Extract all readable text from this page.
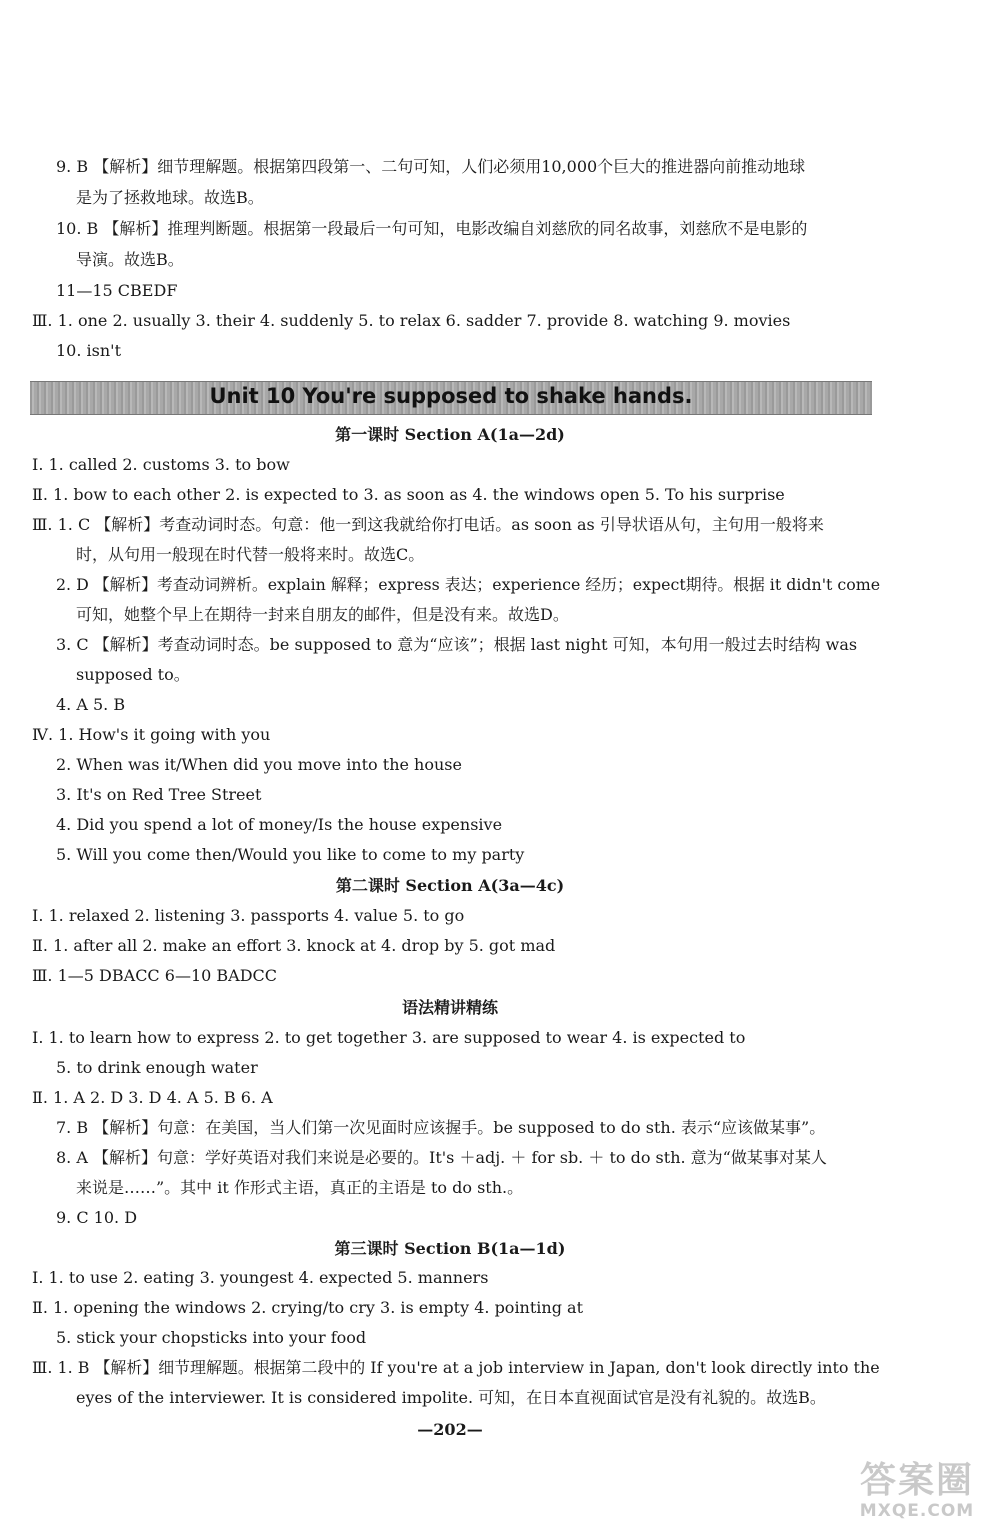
9. B 【解析】细节理解题。根据第四段第一、二句可知，人们必须用10,000个巨大的推进器向前推动地球
是为了拯救地球。故选B。
10. B 【解析】推理判断题。根据第一段最后一句可知，电影改编自刘慈欣的同名故事，刘慈欣不是电影的
导演。故选B。
11—15 CBEDF
Ⅲ. 1. one 2. usually 3. their 4. suddenly 5. to relax 6. sadder 7. provide 8. watching 9. movies
10. isn't
Unit 10 You're supposed to shake hands.
第一课时 Section A(1a—2d)
Ⅰ. 1. called 2. customs 3. to bow
Ⅱ. 1. bow to each other 2. is expected to 3. as soon as 4. the windows open 5. To his surprise
Ⅲ. 1. C 【解析】考查动词时态。句意：他一到这我就给你打电话。as soon as 引导状语从句，主句用一般将来
时，从句用一般现在时代替一般将来时。故选C。
2. D 【解析】考查动词辨析。explain 解释；express 表达；experience 经历；expect期待。根据 it didn't come
可知，她整个早上在期待一封来自朋友的邮件，但是没有来。故选D。
3. C 【解析】考查动词时态。be supposed to 意为“应该”；根据 last night 可知，本句用一般过去时结构 was
supposed to。
4. A 5. B
Ⅳ. 1. How's it going with you
2. When was it/When did you move into the house
3. It's on Red Tree Street
4. Did you spend a lot of money/Is the house expensive
5. Will you come then/Would you like to come to my party
第二课时 Section A(3a—4c)
Ⅰ. 1. relaxed 2. listening 3. passports 4. value 5. to go
Ⅱ. 1. after all 2. make an effort 3. knock at 4. drop by 5. got mad
Ⅲ. 1—5 DBACC 6—10 BADCC
语法精讲精练
Ⅰ. 1. to learn how to express 2. to get together 3. are supposed to wear 4. is expected to
5. to drink enough water
Ⅱ. 1. A 2. D 3. D 4. A 5. B 6. A
7. B 【解析】句意：在美国，当人们第一次见面时应该握手。be supposed to do sth. 表示“应该做某事”。
8. A 【解析】句意：学好英语对我们来说是必要的。It's ＋adj. ＋ for sb. ＋ to do sth. 意为“做某事对某人
来说是……”。其中 it 作形式主语，真正的主语是 to do sth.。
9. C 10. D
第三课时 Section B(1a—1d)
Ⅰ. 1. to use 2. eating 3. youngest 4. expected 5. manners
Ⅱ. 1. opening the windows 2. crying/to cry 3. is empty 4. pointing at
5. stick your chopsticks into your food
Ⅲ. 1. B 【解析】细节理解题。根据第二段中的 If you're at a job interview in Japan, don't look directly into the
eyes of the interviewer. It is considered impolite. 可知，在日本直视面试官是没有礼貌的。故选B。
—202—
答案圈
MXQE.COM
